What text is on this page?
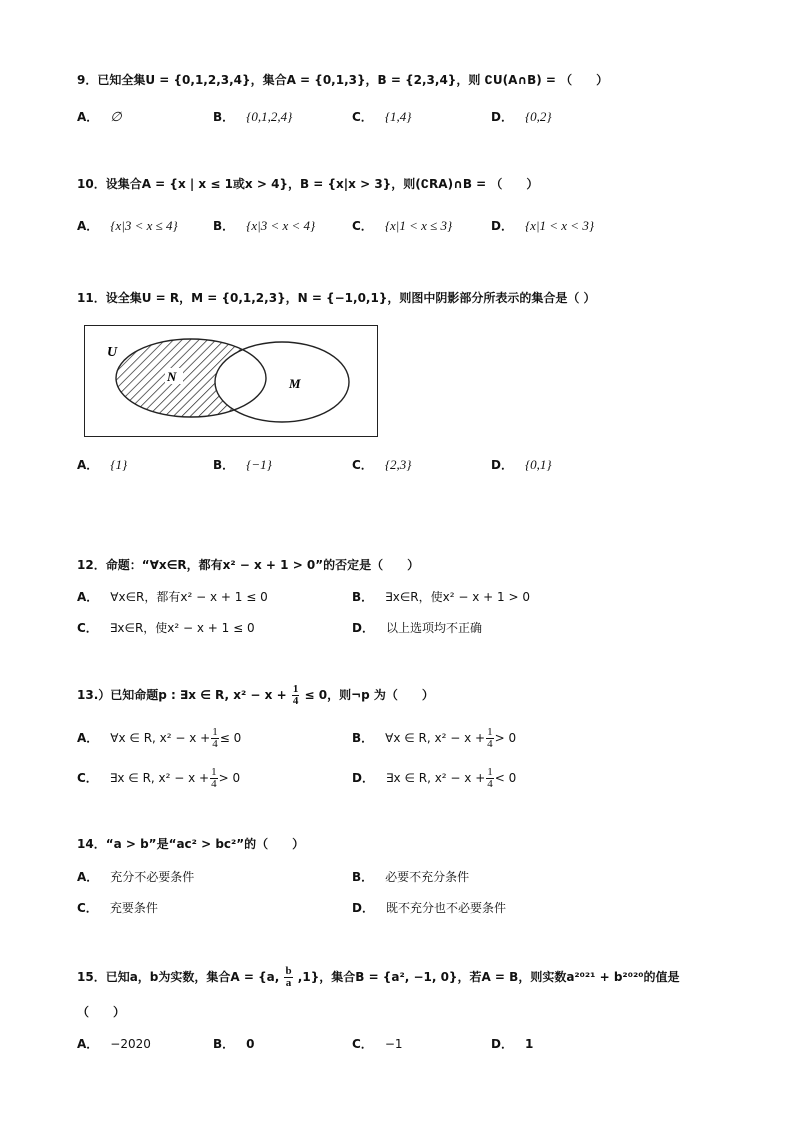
9．已知全集U = {0,1,2,3,4}，集合A = {0,1,3}，B = {2,3,4}，则 ∁U(A∩B) = （　　）
A． ∅	B． {0,1,2,4}	C． {1,4}	D． {0,2}
10．设集合A = {x | x ≤ 1或x > 4}，B = {x|x > 3}，则(∁RA)∩B = （　　）
A． {x|3 < x ≤ 4}	B． {x|3 < x < 4}	C． {x|1 < x ≤ 3}	D． {x|1 < x < 3}
11．设全集U = R，M = {0,1,2,3}，N = {−1,0,1}，则图中阴影部分所表示的集合是（ ）
U
N	M
A． {1}	B． {−1}	C． {2,3}	D． {0,1}
12．命题：“∀x∈R，都有x² − x + 1 > 0”的否定是（　　）
A． ∀x∈R，都有x² − x + 1 ≤ 0	B． ∃x∈R，使x² − x + 1 > 0
C． ∃x∈R，使x² − x + 1 ≤ 0	D． 以上选项均不正确
13.）已知命题p : ∃x ∈ R, $x^2 - x + \frac{1}{4} \le 0$，则¬p 为（　　）
A． ∀x ∈ R, $x^2 - x + \frac{1}{4} \le 0$	B． ∀x ∈ R, $x^2 - x + \frac{1}{4} > 0$
C． ∃x ∈ R, $x^2 - x + \frac{1}{4} > 0$	D． ∃x ∈ R, $x^2 - x + \frac{1}{4} < 0$
14．“a > b”是“ac² > bc²”的（　　）
A． 充分不必要条件	B． 必要不充分条件
C． 充要条件	D． 既不充分也不必要条件
15．已知a，b为实数，集合A = {a, $\frac{b}{a} ,1$}，集合B = {a², −1, 0}，若A = B，则实数a²⁰²¹ + b²⁰²⁰的值是
（　　）
A． −2020	B． 0	C． −1	D． 1
